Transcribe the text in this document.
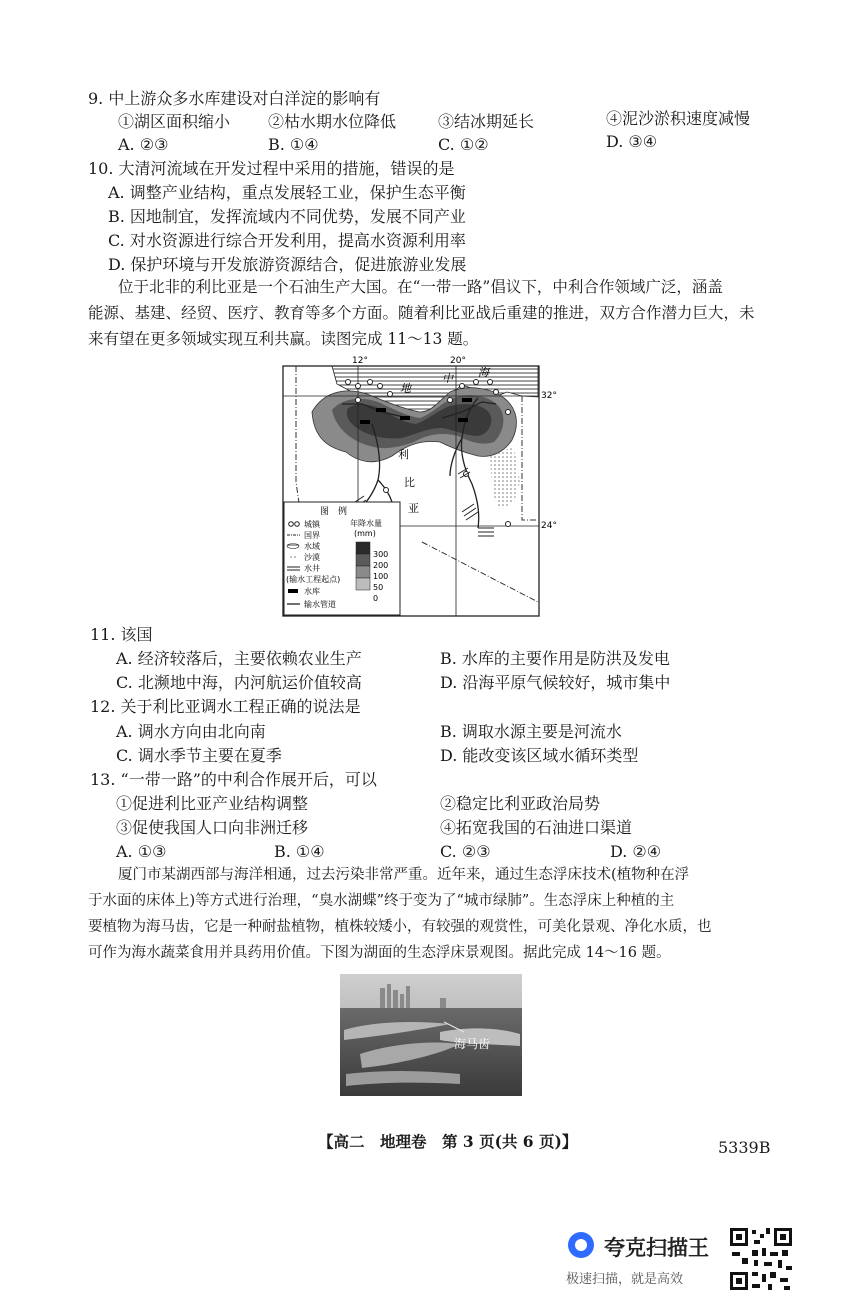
9. 中上游众多水库建设对白洋淀的影响有
①湖区面积缩小 ②枯水期水位降低	③结冰期延长	④泥沙淤积速度减慢
A. ②③	B. ①④	C. ①②	D. ③④
10. 大清河流域在开发过程中采用的措施，错误的是
A. 调整产业结构，重点发展轻工业，保护生态平衡
B. 因地制宜，发挥流域内不同优势，发展不同产业
C. 对水资源进行综合开发利用，提高水资源利用率
D. 保护环境与开发旅游资源结合，促进旅游业发展
位于北非的利比亚是一个石油生产大国。在“一带一路”倡议下，中利合作领域广泛，涵盖
能源、基建、经贸、医疗、教育等多个方面。随着利比亚战后重建的推进，双方合作潜力巨大，未
来有望在更多领域实现互利共赢。读图完成 11～13 题。
12°	20°
32°
24°
地
中 海
利
比
亚
图　例
城镇
国界
水域
沙漠
水井
(输水工程起点)
水库
输水管道
年降水量
(mm)
300
200
100
50
0
11. 该国
A. 经济较落后，主要依赖农业生产	B. 水库的主要作用是防洪及发电
C. 北濒地中海，内河航运价值较高	D. 沿海平原气候较好，城市集中
12. 关于利比亚调水工程正确的说法是
A. 调水方向由北向南	B. 调取水源主要是河流水
C. 调水季节主要在夏季	D. 能改变该区域水循环类型
13. “一带一路”的中利合作展开后，可以
①促进利比亚产业结构调整	②稳定比利亚政治局势
③促使我国人口向非洲迁移	④拓宽我国的石油进口渠道
A. ①③	B. ①④	C. ②③	D. ②④
厦门市某湖西部与海洋相通，过去污染非常严重。近年来，通过生态浮床技术(植物种在浮
于水面的床体上)等方式进行治理，“臭水湖蝶”终于变为了“城市绿肺”。生态浮床上种植的主
要植物为海马齿，它是一种耐盐植物，植株较矮小，有较强的观赏性，可美化景观、净化水质，也
可作为海水蔬菜食用并具药用价值。下图为湖面的生态浮床景观图。据此完成 14～16 题。
海马齿
【高二　地理卷　第 3 页(共 6 页)】	5339B
夸克扫描王
极速扫描，就是高效
